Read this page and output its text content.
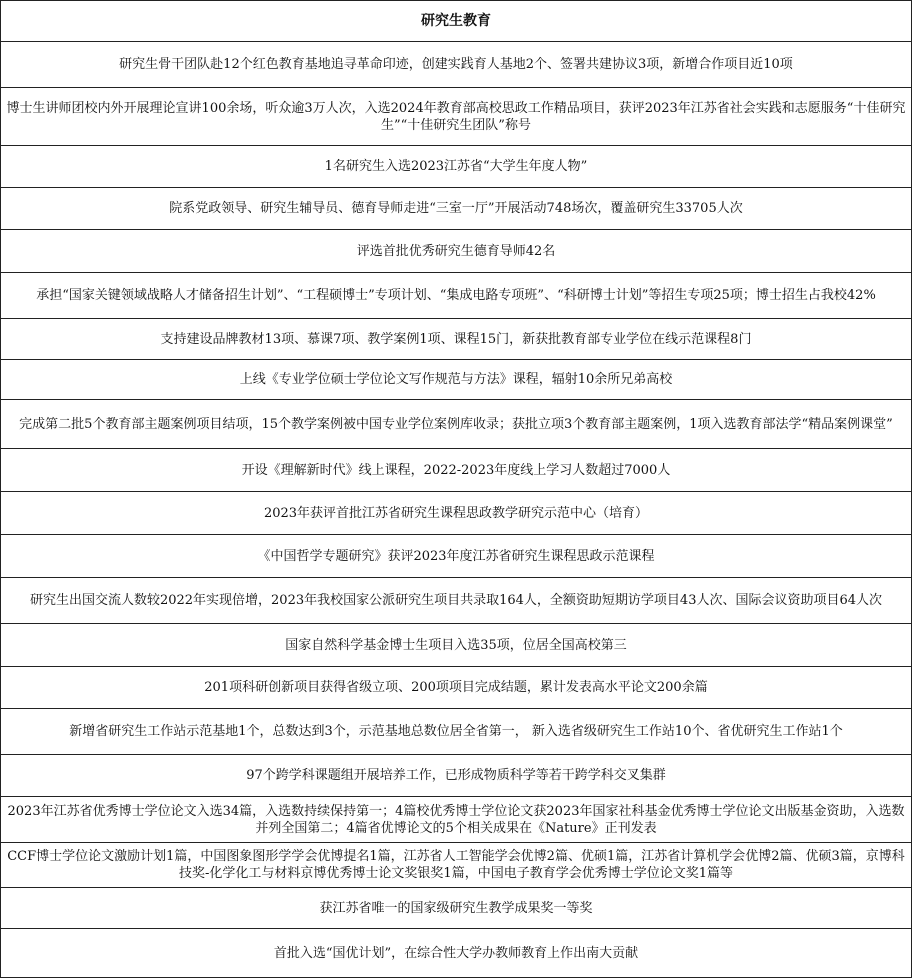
研究生教育
研究生骨干团队赴12个红色教育基地追寻革命印迹，创建实践育人基地2个、签署共建协议3项，新增合作项目近10项
博士生讲师团校内外开展理论宣讲100余场，听众逾3万人次，入选2024年教育部高校思政工作精品项目，获评2023年江苏省社会实践和志愿服务“十佳研究生”“十佳研究生团队”称号
1名研究生入选2023江苏省“大学生年度人物”
院系党政领导、研究生辅导员、德育导师走进“三室一厅”开展活动748场次，覆盖研究生33705人次
评选首批优秀研究生德育导师42名
承担“国家关键领域战略人才储备招生计划”、“工程硕博士”专项计划、“集成电路专项班”、“科研博士计划”等招生专项25项；博士招生占我校42%
支持建设品牌教材13项、慕课7项、教学案例1项、课程15门，新获批教育部专业学位在线示范课程8门
上线《专业学位硕士学位论文写作规范与方法》课程，辐射10余所兄弟高校
完成第二批5个教育部主题案例项目结项，15个教学案例被中国专业学位案例库收录；获批立项3个教育部主题案例，1项入选教育部法学“精品案例课堂”
开设《理解新时代》线上课程，2022-2023年度线上学习人数超过7000人
2023年获评首批江苏省研究生课程思政教学研究示范中心（培育）
《中国哲学专题研究》获评2023年度江苏省研究生课程思政示范课程
研究生出国交流人数较2022年实现倍增，2023年我校国家公派研究生项目共录取164人，全额资助短期访学项目43人次、国际会议资助项目64人次
国家自然科学基金博士生项目入选35项，位居全国高校第三
201项科研创新项目获得省级立项、200项项目完成结题，累计发表高水平论文200余篇
新增省研究生工作站示范基地1个，总数达到3个，示范基地总数位居全省第一， 新入选省级研究生工作站10个、省优研究生工作站1个
97个跨学科课题组开展培养工作，已形成物质科学等若干跨学科交叉集群
2023年江苏省优秀博士学位论文入选34篇，入选数持续保持第一；4篇校优秀博士学位论文获2023年国家社科基金优秀博士学位论文出版基金资助，入选数并列全国第二；4篇省优博论文的5个相关成果在《Nature》正刊发表
CCF博士学位论文激励计划1篇，中国图象图形学学会优博提名1篇，江苏省人工智能学会优博2篇、优硕1篇，江苏省计算机学会优博2篇、优硕3篇，京博科技奖-化学化工与材料京博优秀博士论文奖银奖1篇，中国电子教育学会优秀博士学位论文奖1篇等
获江苏省唯一的国家级研究生教学成果奖一等奖
首批入选“国优计划”，在综合性大学办教师教育上作出南大贡献
